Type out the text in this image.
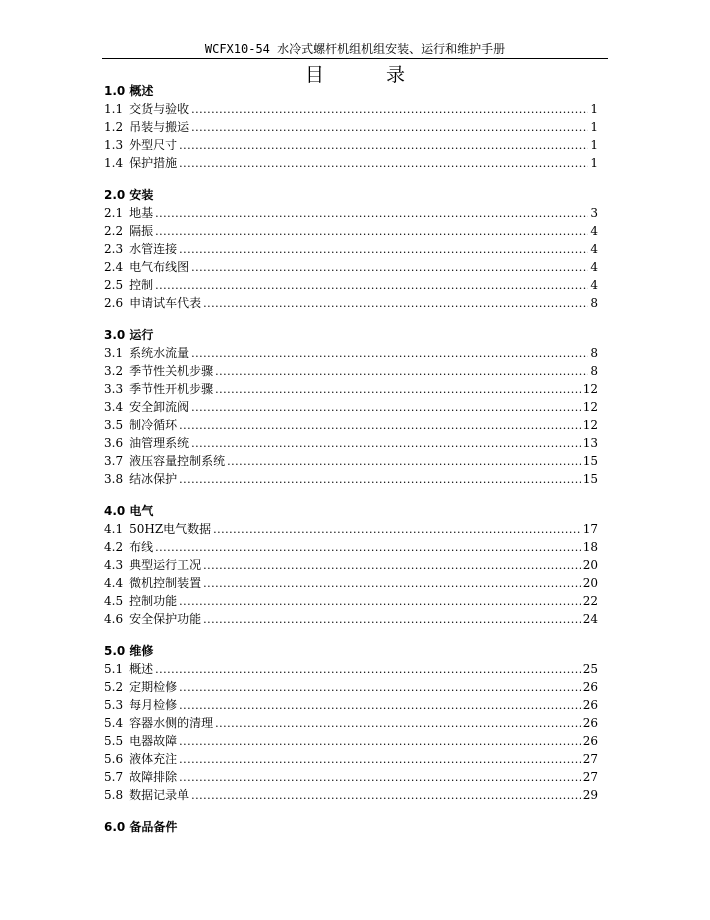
WCFX10-54 水冷式螺杆机组机组安装、运行和维护手册
目录
1.0 概述
1.1 交货与验收 .....	1
1.2 吊装与搬运 .....	1
1.3 外型尺寸 .....	1
1.4 保护措施 .....	1
2.0 安装
2.1 地基 .....	3
2.2 隔振 .....	4
2.3 水管连接 .....	4
2.4 电气布线图 .....	4
2.5 控制 .....	4
2.6 申请试车代表 .....	8
3.0 运行
3.1 系统水流量 .....	8
3.2 季节性关机步骤 .....	8
3.3 季节性开机步骤 .....	12
3.4 安全卸流阀 .....	12
3.5 制冷循环 .....	12
3.6 油管理系统 .....	13
3.7 液压容量控制系统 .....	15
3.8 结冰保护 .....	15
4.0 电气
4.1 50HZ电气数据 .....	17
4.2 布线 .....	18
4.3 典型运行工况 .....	20
4.4 微机控制装置 .....	20
4.5 控制功能 .....	22
4.6 安全保护功能 .....	24
5.0 维修
5.1 概述 .....	25
5.2 定期检修 .....	26
5.3 每月检修 .....	26
5.4 容器水侧的清理 .....	26
5.5 电器故障 .....	26
5.6 液体充注 .....	27
5.7 故障排除 .....	27
5.8 数据记录单 .....	29
6.0 备品备件
